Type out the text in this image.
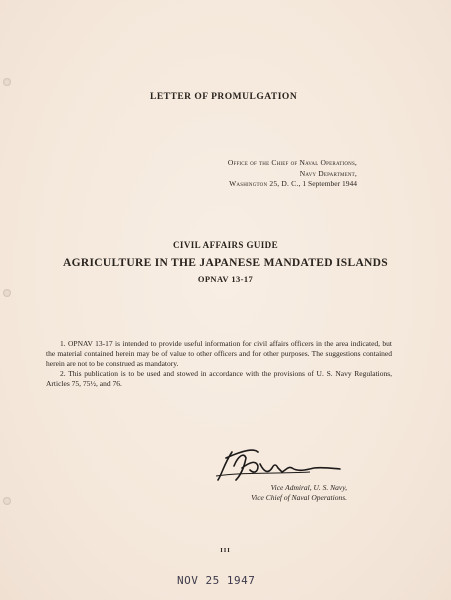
LETTER OF PROMULGATION
Office of the Chief of Naval Operations,
Navy Department,
Washington 25, D. C., 1 September 1944
CIVIL AFFAIRS GUIDE
AGRICULTURE IN THE JAPANESE MANDATED ISLANDS
OPNAV 13-17

1. OPNAV 13-17 is intended to provide useful information for civil affairs officers in the area indicated, but the material contained herein may be of value to other officers and for other purposes. The suggestions contained herein are not to be construed as mandatory.

2. This publication is to be used and stowed in accordance with the provisions of U. S. Navy Regulations, Articles 75, 75½, and 76.

Vice Admiral, U. S. Navy,
Vice Chief of Naval Operations.
III
NOV 25 1947
